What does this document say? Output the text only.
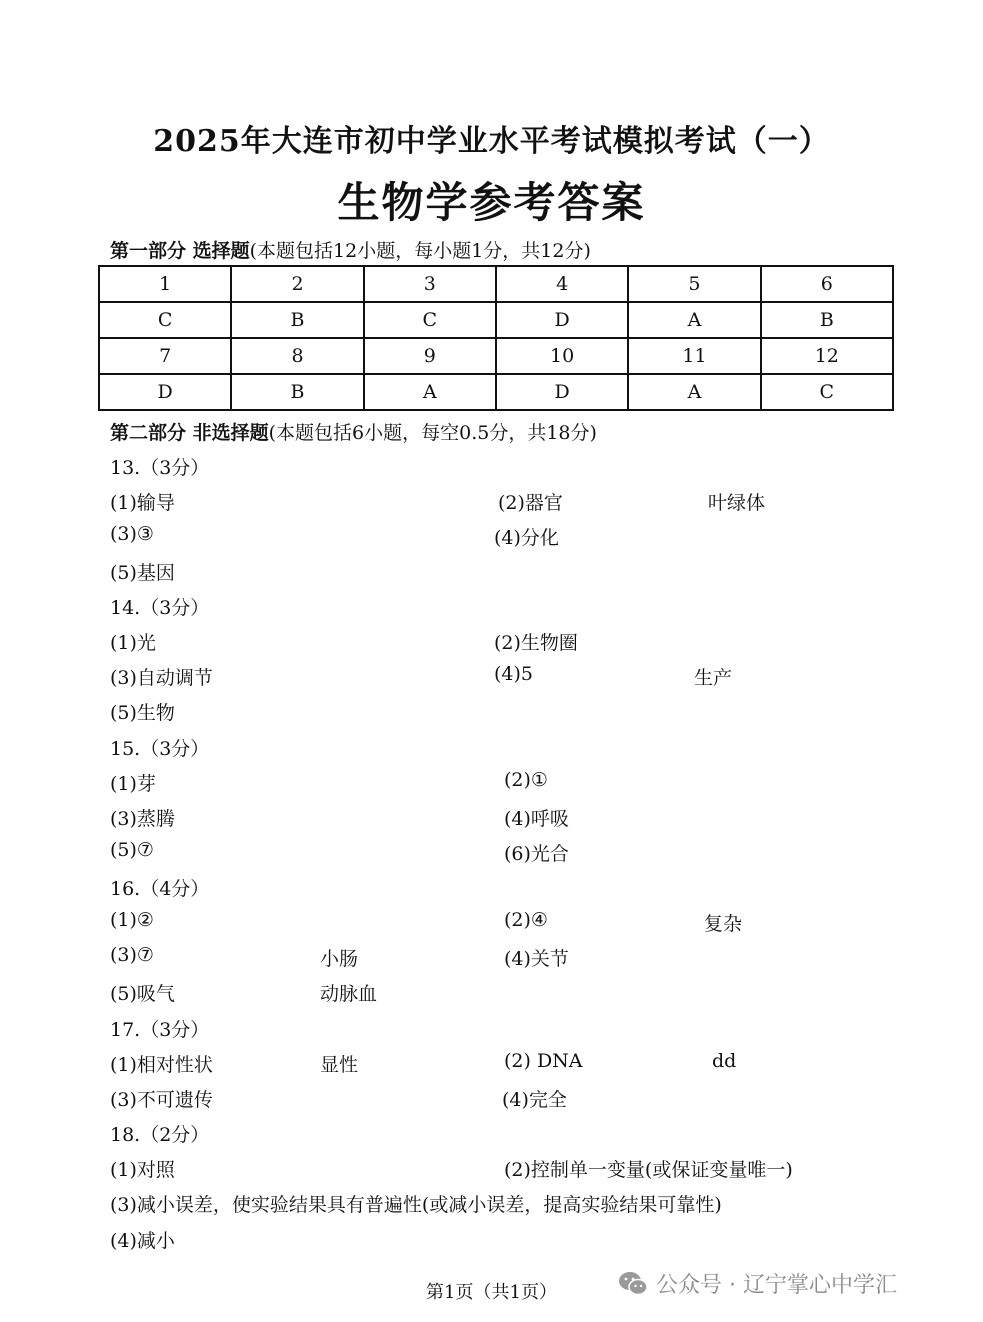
2025年大连市初中学业水平考试模拟考试（一）
生物学参考答案
第一部分 选择题(本题包括12小题，每小题1分，共12分)
1	2	3	4	5	6
C	B	C	D	A	B
7	8	9	10	11	12
D	B	A	D	A	C
第二部分 非选择题(本题包括6小题，每空0.5分，共18分)
13.（3分）
(1)输导	(2)器官	叶绿体
(3)③	(4)分化
(5)基因
14.（3分）
(1)光	(2)生物圈
(3)自动调节	(4)5	生产
(5)生物
15.（3分）
(1)芽	(2)①
(3)蒸腾	(4)呼吸
(5)⑦	(6)光合
16.（4分）
(1)②	(2)④	复杂
(3)⑦	小肠	(4)关节
(5)吸气	动脉血
17.（3分）
(1)相对性状	显性	(2) DNA	dd
(3)不可遗传	(4)完全
18.（2分）
(1)对照	(2)控制单一变量(或保证变量唯一)
(3)减小误差，使实验结果具有普遍性(或减小误差，提高实验结果可靠性)
(4)减小
第1页（共1页）	公众号 · 辽宁掌心中学汇
